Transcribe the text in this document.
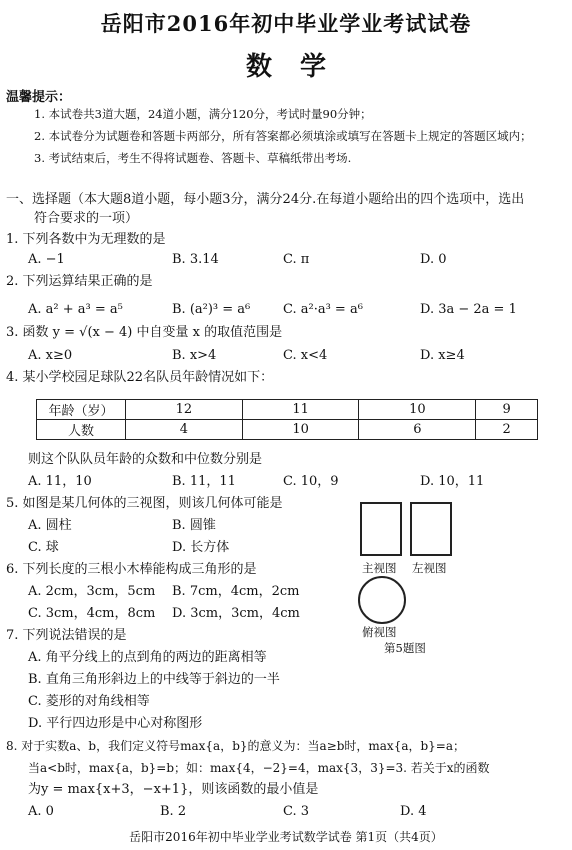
岳阳市2016年初中毕业学业考试试卷
数学
温馨提示：
1. 本试卷共3道大题，24道小题，满分120分，考试时量90分钟；
2. 本试卷分为试题卷和答题卡两部分，所有答案都必须填涂或填写在答题卡上规定的答题区域内；
3. 考试结束后，考生不得将试题卷、答题卡、草稿纸带出考场.
一、选择题（本大题8道小题，每小题3分，满分24分.在每道小题给出的四个选项中，选出
符合要求的一项）
1. 下列各数中为无理数的是
A. −1	B. 3.14	C. π	D. 0
2. 下列运算结果正确的是
A. a² + a³ = a⁵	B. (a²)³ = a⁶	C. a²·a³ = a⁶	D. 3a − 2a = 1
3. 函数 y = √(x − 4) 中自变量 x 的取值范围是
A. x≥0	B. x>4	C. x<4	D. x≥4
4. 某小学校园足球队22名队员年龄情况如下：
年龄（岁）	12	11	10	9
人数	4	10	6	2
则这个队队员年龄的众数和中位数分别是
A. 11，10	B. 11，11	C. 10，9	D. 10，11
5. 如图是某几何体的三视图，则该几何体可能是
A. 圆柱	B. 圆锥
C. 球	D. 长方体
主视图 左视图
俯视图
第5题图
6. 下列长度的三根小木棒能构成三角形的是
A. 2cm，3cm，5cm B. 7cm，4cm，2cm
C. 3cm，4cm，8cm D. 3cm，3cm，4cm
7. 下列说法错误的是
A. 角平分线上的点到角的两边的距离相等
B. 直角三角形斜边上的中线等于斜边的一半
C. 菱形的对角线相等
D. 平行四边形是中心对称图形
8. 对于实数a、b，我们定义符号max{a，b}的意义为：当a≥b时，max{a，b}=a；
当a<b时，max{a，b}=b；如：max{4，−2}=4，max{3，3}=3. 若关于x的函数
为y = max{x+3，−x+1}，则该函数的最小值是
A. 0	B. 2	C. 3	D. 4
岳阳市2016年初中毕业学业考试数学试卷 第1页（共4页）
